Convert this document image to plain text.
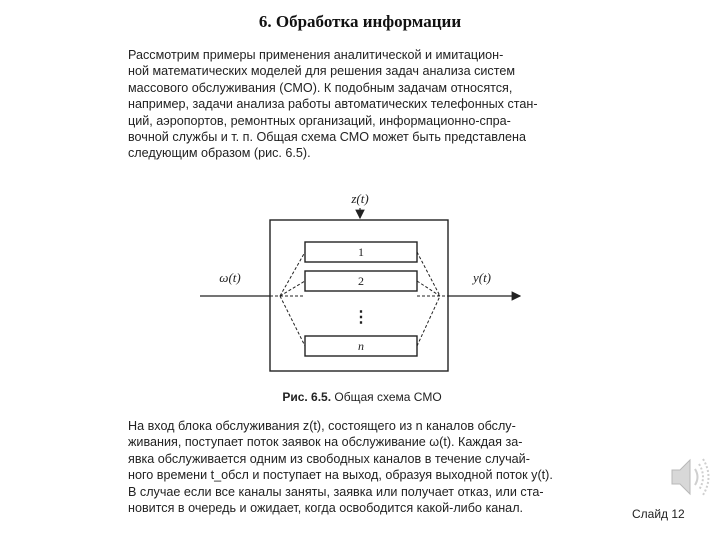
6. Обработка информации
Рассмотрим примеры применения аналитической и имитацион-
ной математических моделей для решения задач анализа систем
массового обслуживания (СМО). К подобным задачам относятся,
например, задачи анализа работы автоматических телефонных стан-
ций, аэропортов, ремонтных организаций, информационно-спра-
вочной службы и т. п. Общая схема СМО может быть представлена
следующим образом (рис. 6.5).
z(t)
ω(t)
1
2
⋮
n
y(t)
Рис. 6.5. Общая схема СМО
На вход блока обслуживания z(t), состоящего из n каналов обслу-
живания, поступает поток заявок на обслуживание ω(t). Каждая за-
явка обслуживается одним из свободных каналов в течение случай-
ного времени t_обсл и поступает на выход, образуя выходной поток y(t).
В случае если все каналы заняты, заявка или получает отказ, или ста-
новится в очередь и ожидает, когда освободится какой-либо канал.	Слайд 12
